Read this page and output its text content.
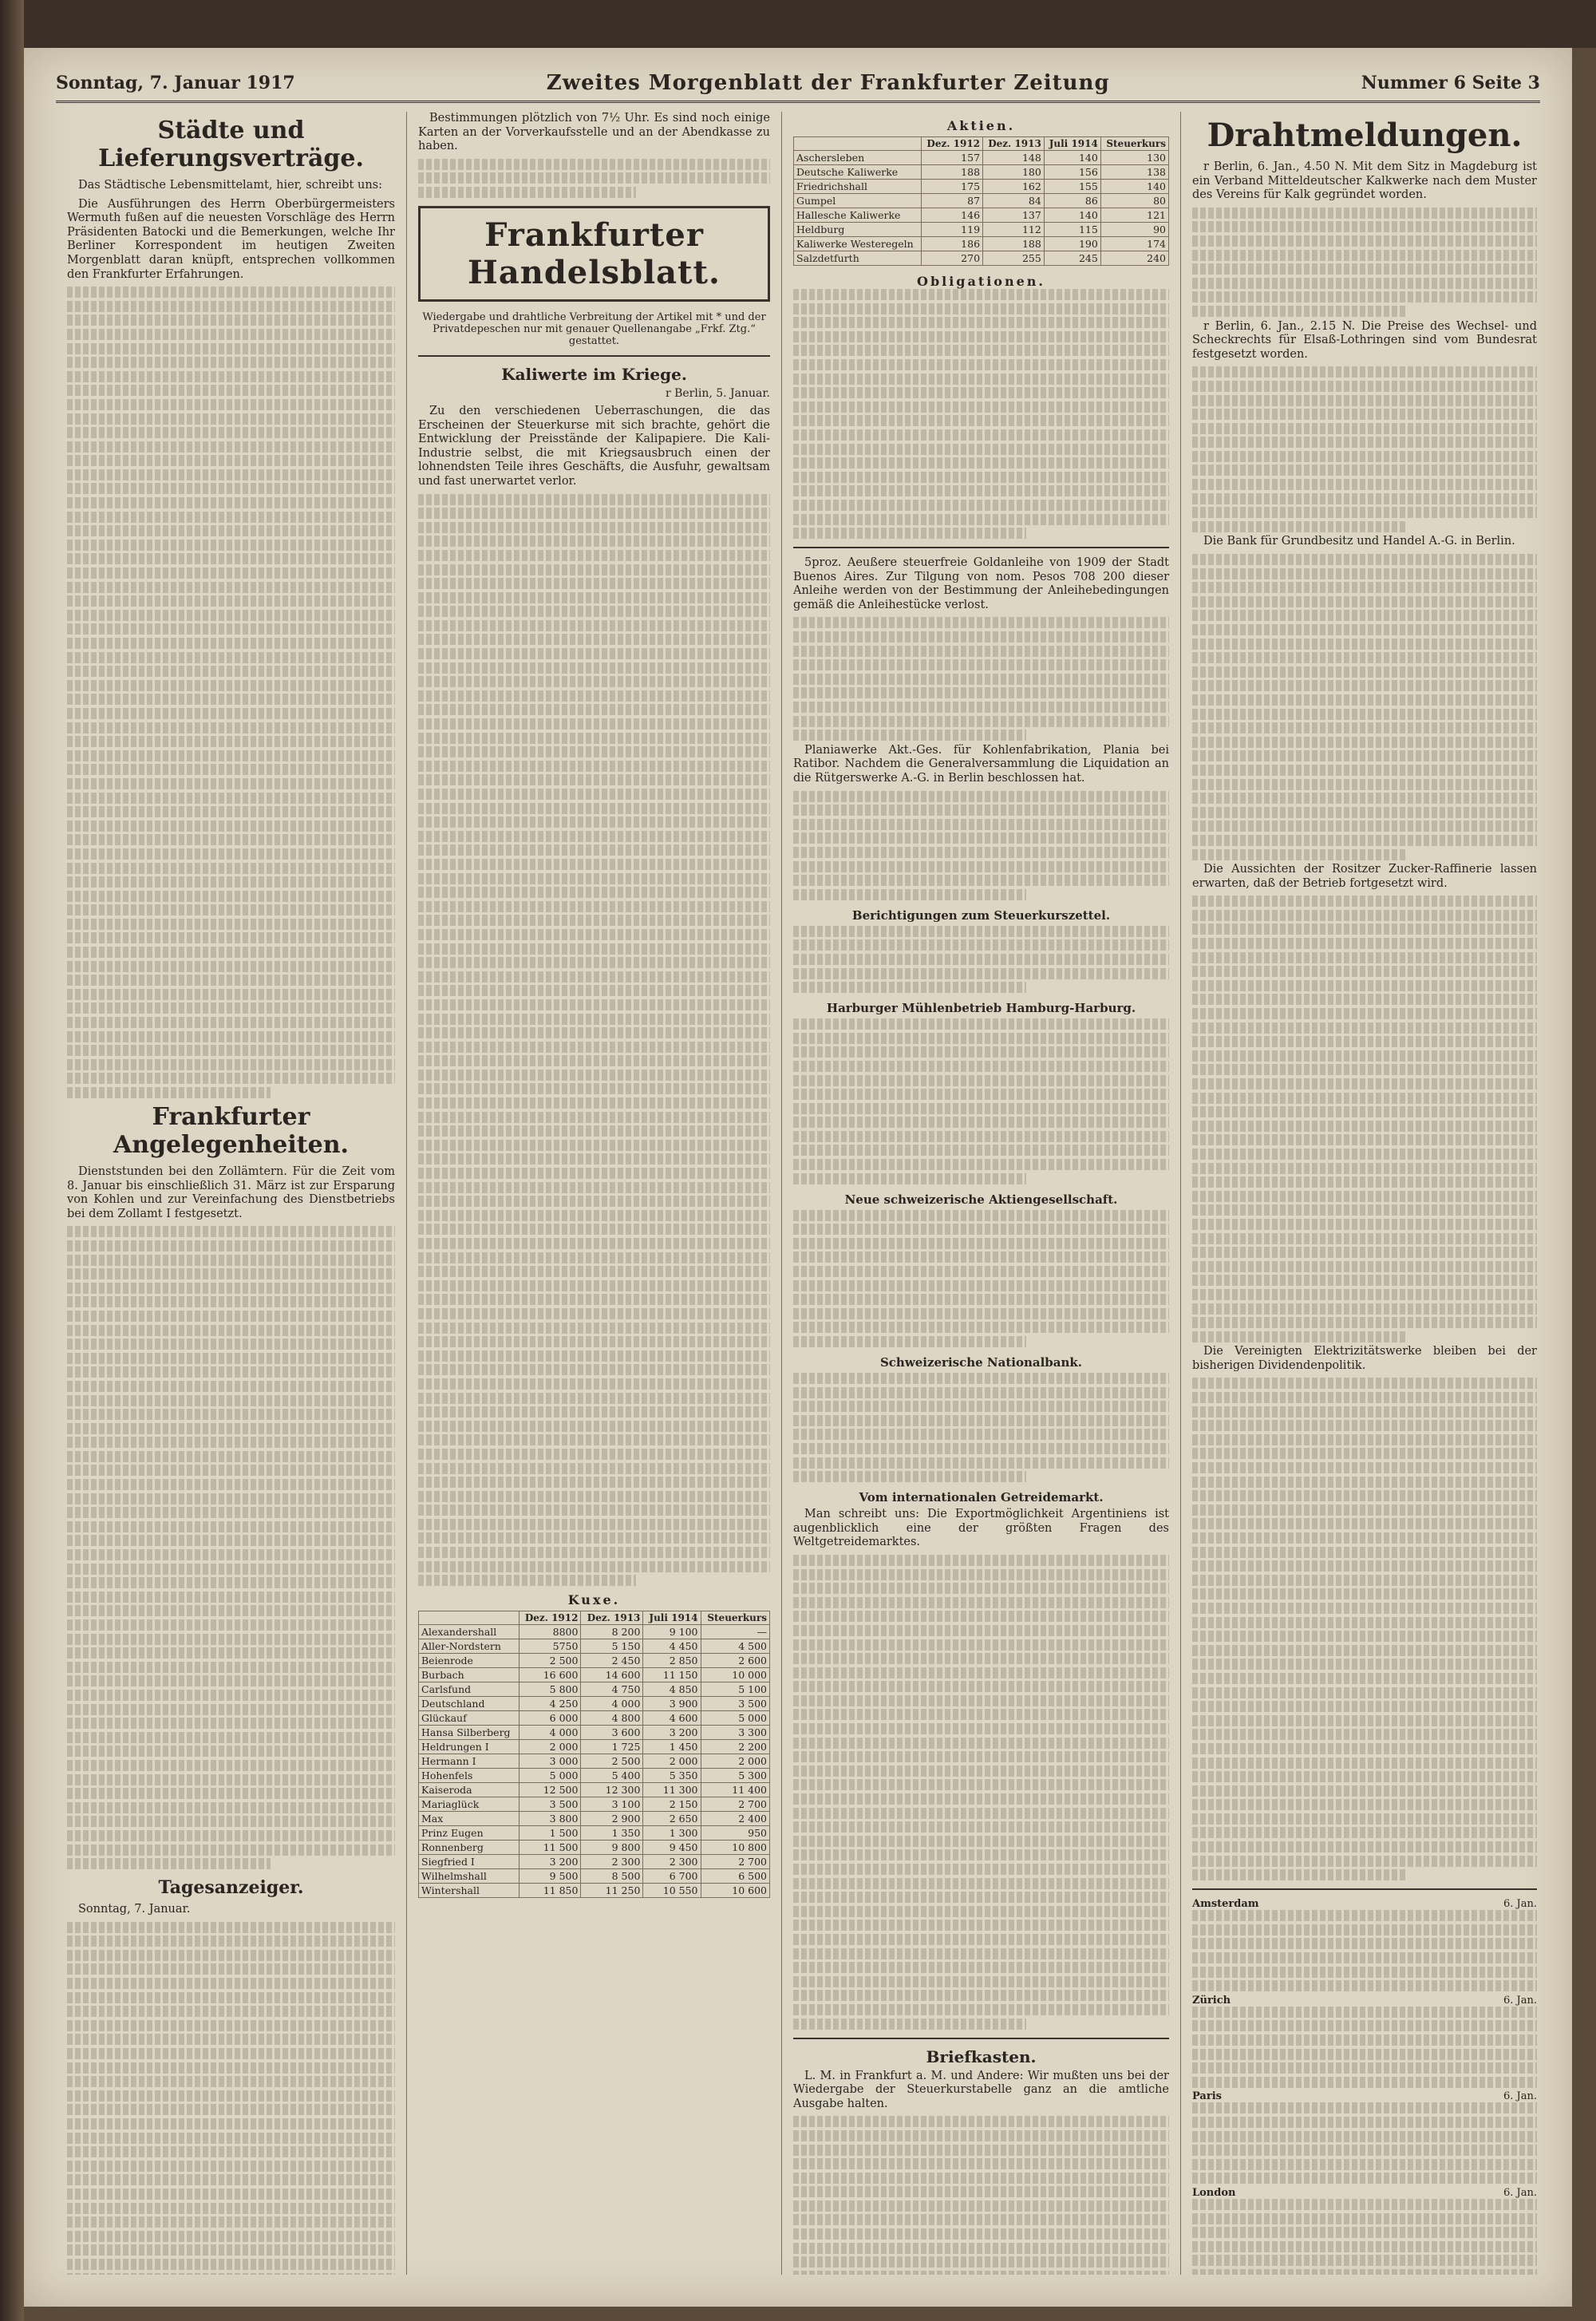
Sonntag, 7. Januar 1917	Zweites Morgenblatt der Frankfurter Zeitung	Nummer 6 Seite 3
Städte und Lieferungsverträge.

Das Städtische Lebensmittelamt, hier, schreibt uns:

Die Ausführungen des Herrn Oberbürgermeisters Wermuth fußen auf die neuesten Vorschläge des Herrn Präsidenten Batocki und die Bemerkungen, welche Ihr Berliner Korrespondent im heutigen Zweiten Morgenblatt daran knüpft, entsprechen vollkommen den Frankfurter Erfahrungen.

Frankfurter Angelegenheiten.

Dienststunden bei den Zollämtern. Für die Zeit vom 8. Januar bis einschließlich 31. März ist zur Ersparung von Kohlen und zur Vereinfachung des Dienstbetriebs bei dem Zollamt I festgesetzt.

Tagesanzeiger.

Sonntag, 7. Januar.

Bestimmungen plötzlich von 7½ Uhr. Es sind noch einige Karten an der Vorverkaufsstelle und an der Abendkasse zu haben.

Frankfurter Handelsblatt.
Wiedergabe und drahtliche Verbreitung der Artikel mit * und der Privatdepeschen nur mit genauer Quellenangabe „Frkf. Ztg.“ gestattet.
Kaliwerte im Kriege.
r Berlin, 5. Januar.

Zu den verschiedenen Ueberraschungen, die das Erscheinen der Steuerkurse mit sich brachte, gehört die Entwicklung der Preisstände der Kalipapiere. Die Kali-Industrie selbst, die mit Kriegsausbruch einen der lohnendsten Teile ihres Geschäfts, die Ausfuhr, gewaltsam und fast unerwartet verlor.

Kuxe.
	Dez. 1912	Dez. 1913	Juli 1914	Steuerkurs
Alexandershall	8800	8 200	9 100	—
Aller-Nordstern	5750	5 150	4 450	4 500
Beienrode	2 500	2 450	2 850	2 600
Burbach	16 600	14 600	11 150	10 000
Carlsfund	5 800	4 750	4 850	5 100
Deutschland	4 250	4 000	3 900	3 500
Glückauf	6 000	4 800	4 600	5 000
Hansa Silberberg	4 000	3 600	3 200	3 300
Heldrungen I	2 000	1 725	1 450	2 200
Hermann I	3 000	2 500	2 000	2 000
Hohenfels	5 000	5 400	5 350	5 300
Kaiseroda	12 500	12 300	11 300	11 400
Mariaglück	3 500	3 100	2 150	2 700
Max	3 800	2 900	2 650	2 400
Prinz Eugen	1 500	1 350	1 300	950
Ronnenberg	11 500	9 800	9 450	10 800
Siegfried I	3 200	2 300	2 300	2 700
Wilhelmshall	9 500	8 500	6 700	6 500
Wintershall	11 850	11 250	10 550	10 600
Aktien.
	Dez. 1912	Dez. 1913	Juli 1914	Steuerkurs
Aschersleben	157	148	140	130
Deutsche Kaliwerke	188	180	156	138
Friedrichshall	175	162	155	140
Gumpel	87	84	86	80
Hallesche Kaliwerke	146	137	140	121
Heldburg	119	112	115	90
Kaliwerke Westeregeln	186	188	190	174
Salzdetfurth	270	255	245	240
Obligationen.

5proz. Aeußere steuerfreie Goldanleihe von 1909 der Stadt Buenos Aires. Zur Tilgung von nom. Pesos 708 200 dieser Anleihe werden von der Bestimmung der Anleihebedingungen gemäß die Anleihestücke verlost.

Planiawerke Akt.-Ges. für Kohlenfabrikation, Plania bei Ratibor. Nachdem die Generalversammlung die Liquidation an die Rütgerswerke A.-G. in Berlin beschlossen hat.

Berichtigungen zum Steuerkurszettel.
Harburger Mühlenbetrieb Hamburg-Harburg.
Neue schweizerische Aktiengesellschaft.
Schweizerische Nationalbank.
Vom internationalen Getreidemarkt.

Man schreibt uns: Die Exportmöglichkeit Argentiniens ist augenblicklich eine der größten Fragen des Weltgetreidemarktes.

Briefkasten.

L. M. in Frankfurt a. M. und Andere: Wir mußten uns bei der Wiedergabe der Steuerkurstabelle ganz an die amtliche Ausgabe halten.

Drahtmeldungen.

r Berlin, 6. Jan., 4.50 N. Mit dem Sitz in Magdeburg ist ein Verband Mitteldeutscher Kalkwerke nach dem Muster des Vereins für Kalk gegründet worden.

r Berlin, 6. Jan., 2.15 N. Die Preise des Wechsel- und Scheckrechts für Elsaß-Lothringen sind vom Bundesrat festgesetzt worden.

Die Bank für Grundbesitz und Handel A.-G. in Berlin.

Die Aussichten der Rositzer Zucker-Raffinerie lassen erwarten, daß der Betrieb fortgesetzt wird.

Die Vereinigten Elektrizitätswerke bleiben bei der bisherigen Dividendenpolitik.

Amsterdam	6. Jan.
Zürich	6. Jan.
Paris	6. Jan.
London	6. Jan.
